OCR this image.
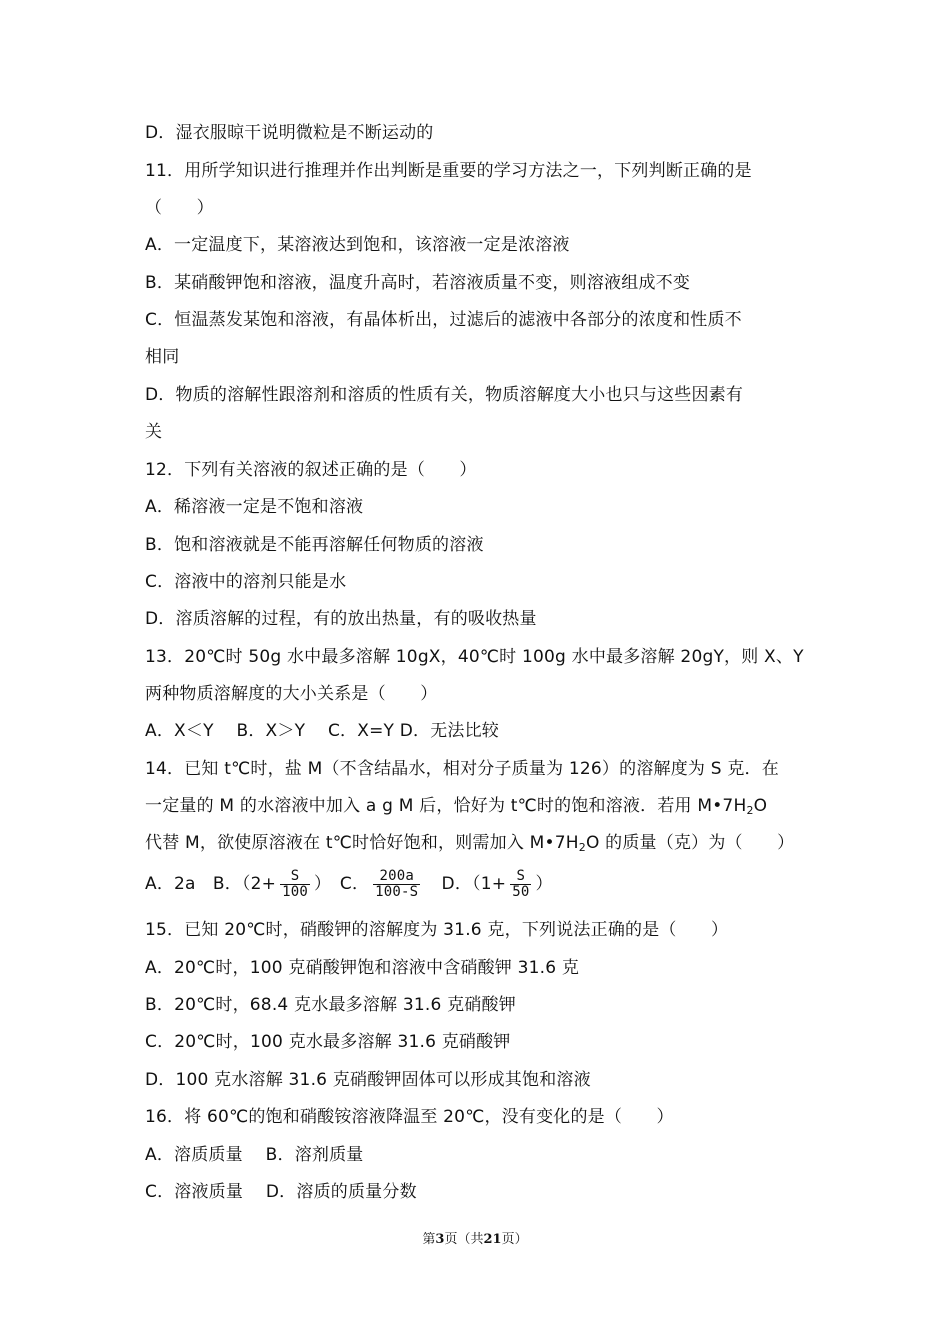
D．湿衣服晾干说明微粒是不断运动的
11．用所学知识进行推理并作出判断是重要的学习方法之一，下列判断正确的是
（　　）
A．一定温度下，某溶液达到饱和，该溶液一定是浓溶液
B．某硝酸钾饱和溶液，温度升高时，若溶液质量不变，则溶液组成不变
C．恒温蒸发某饱和溶液，有晶体析出，过滤后的滤液中各部分的浓度和性质不
相同
D．物质的溶解性跟溶剂和溶质的性质有关，物质溶解度大小也只与这些因素有
关
12．下列有关溶液的叙述正确的是（　　）
A．稀溶液一定是不饱和溶液
B．饱和溶液就是不能再溶解任何物质的溶液
C．溶液中的溶剂只能是水
D．溶质溶解的过程，有的放出热量，有的吸收热量
13．20℃时 50g 水中最多溶解 10gX，40℃时 100g 水中最多溶解 20gY，则 X、Y
两种物质溶解度的大小关系是（　　）
A．X＜Y　 B．X＞Y　 C．X=Y D．无法比较
14．已知 t℃时，盐 M（不含结晶水，相对分子质量为 126）的溶解度为 S 克．在
一定量的 M 的水溶液中加入 a g M 后，恰好为 t℃时的饱和溶液．若用 $M•7H_2O$
代替 M，欲使原溶液在 t℃时恰好饱和，则需加入 $M•7H_2O$ 的质量（克）为（　　）
A．2a　B．（$2+ \frac{S}{100}$ ）　C． $\frac{200a}{100-S}$ 　D．（$1+ \frac{S}{50}$ ）
15．已知 20℃时，硝酸钾的溶解度为 31.6 克，下列说法正确的是（　　）
A．20℃时，100 克硝酸钾饱和溶液中含硝酸钾 31.6 克
B．20℃时，68.4 克水最多溶解 31.6 克硝酸钾
C．20℃时，100 克水最多溶解 31.6 克硝酸钾
D．100 克水溶解 31.6 克硝酸钾固体可以形成其饱和溶液
16．将 60℃的饱和硝酸铵溶液降温至 20℃，没有变化的是（　　）
A．溶质质量　 B．溶剂质量
C．溶液质量　 D．溶质的质量分数
第3页（共21页）
